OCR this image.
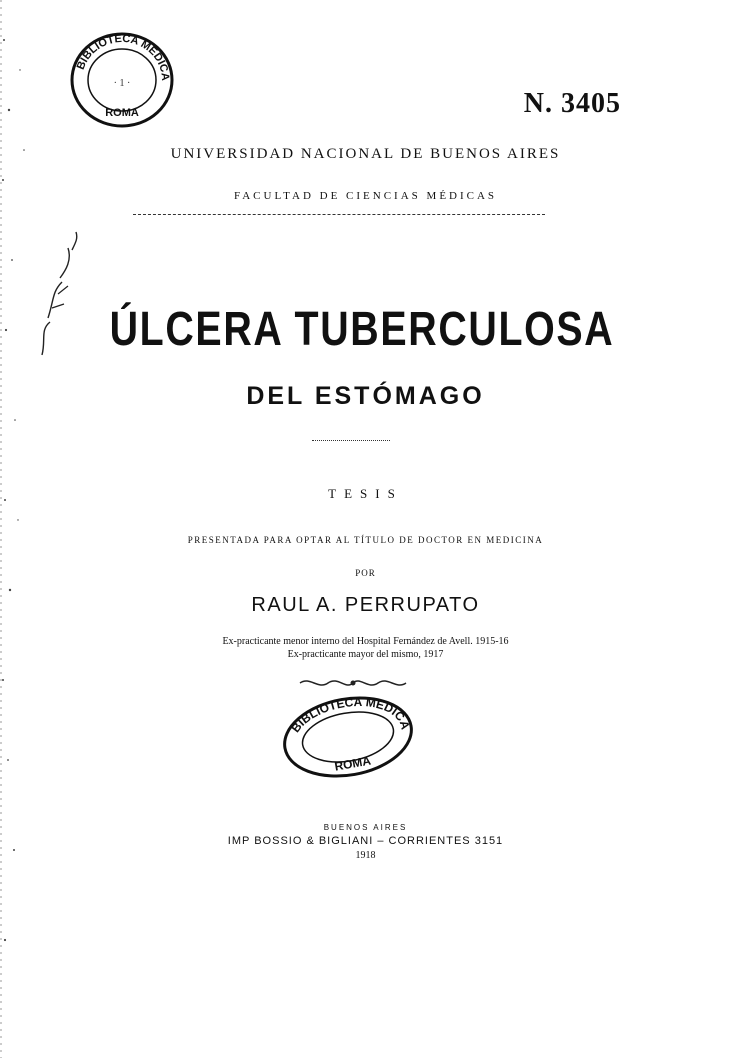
BIBLIOTECA MEDICA
ROMA
· 1 ·
N. 3405
UNIVERSIDAD NACIONAL DE BUENOS AIRES
FACULTAD DE CIENCIAS MÉDICAS
ÚLCERA TUBERCULOSA
DEL ESTÓMAGO
TESIS
PRESENTADA PARA OPTAR AL TÍTULO DE DOCTOR EN MEDICINA
POR
RAUL A. PERRUPATO
Ex-practicante menor interno del Hospital Fernández de Avell. 1915-16
Ex-practicante mayor del mismo, 1917
BIBLIOTECA MEDICA
ROMA
BUENOS AIRES
IMP BOSSIO & BIGLIANI – CORRIENTES 3151
1918
